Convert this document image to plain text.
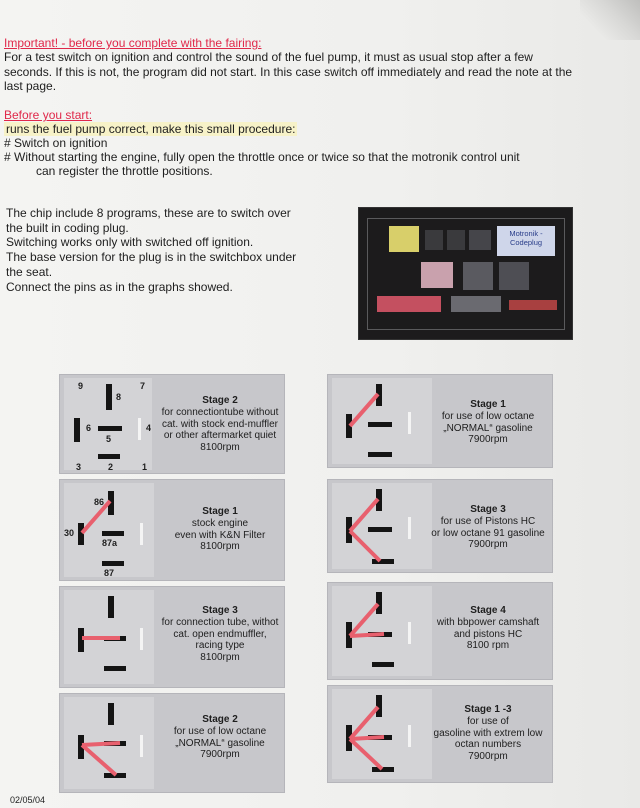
Important! - before you complete with the fairing:
For a test switch on ignition and control the sound of the fuel pump, it must as usual stop after a few
seconds. If this is not, the program did not start. In this case switch off immediately and read the note at the
last page.
Before you start:
runs the fuel pump correct, make this small procedure:
# Switch on ignition
# Without starting the engine, fully open the throttle once or twice so that the motronik control unit
can register the throttle positions.
The chip include 8 programs, these are to switch over
the built in coding plug.
Switching works only with switched off ignition.
The base version for the plug is in the switchbox under
the seat.
Connect the pins as in the graphs showed.
Motronik -
Codeplug
9
8
7
6
5
4
3	2	1
Stage 2
for connectiontube without
cat. with stock end-muffler
or other aftermarket quiet
8100rpm
86
30
87a
87
Stage 1
stock engine
even with K&N Filter
8100rpm
Stage 3
for connection tube, withot
cat. open endmuffler,
racing type
8100rpm
Stage 2
for use of low octane
„NORMAL“ gasoline
7900rpm
Stage 1
for use of low octane
„NORMAL“ gasoline
7900rpm
Stage 3
for use of Pistons HC
or low octane 91 gasoline
7900rpm
Stage 4
with bbpower camshaft
and pistons HC
8100 rpm
Stage 1 -3
for use of
gasoline with extrem low
octan numbers
7900rpm
02/05/04
